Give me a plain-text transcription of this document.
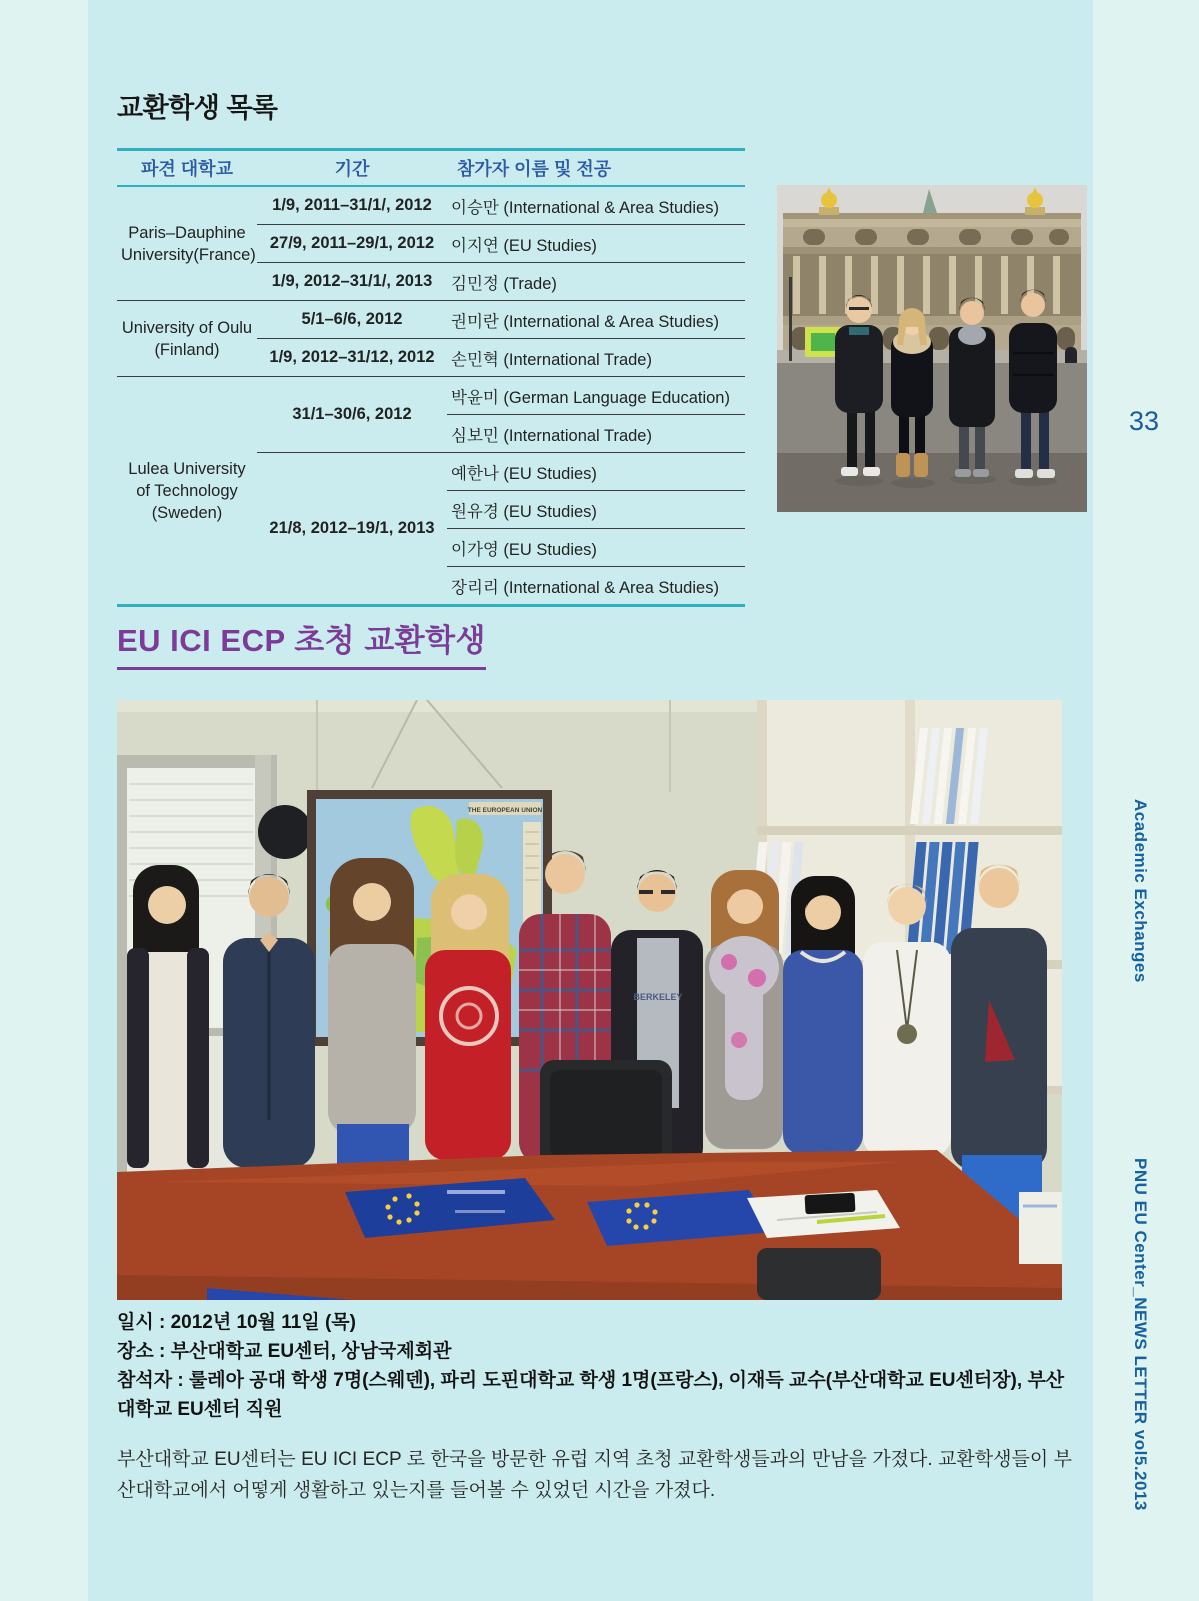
교환학생 목록
파견 대학교	기간	참가자 이름 및 전공
Paris–Dauphine University(France)	1/9, 2011–31/1/, 2012	이승만 (International & Area Studies)
	27/9, 2011–29/1, 2012	이지연 (EU Studies)
	1/9, 2012–31/1/, 2013	김민정 (Trade)
University of Oulu (Finland)	5/1–6/6, 2012	권미란 (International & Area Studies)
	1/9, 2012–31/12, 2012	손민혁 (International Trade)
Lulea University of Technology (Sweden)	31/1–30/6, 2012	박윤미 (German Language Education)
		심보민 (International Trade)
	21/8, 2012–19/1, 2013	예한나 (EU Studies)
		원유경 (EU Studies)
		이가영 (EU Studies)
		장리리 (International & Area Studies)
EU ICI ECP 초청 교환학생
THE EUROPEAN UNION
BERKELEY

일시 : 2012년 10월 11일 (목)

장소 : 부산대학교 EU센터, 상남국제회관

참석자 : 룰레아 공대 학생 7명(스웨덴), 파리 도핀대학교 학생 1명(프랑스), 이재득 교수(부산대학교 EU센터장), 부산대학교 EU센터 직원

부산대학교 EU센터는 EU ICI ECP 로 한국을 방문한 유럽 지역 초청 교환학생들과의 만남을 가졌다. 교환학생들이 부산대학교에서 어떻게 생활하고 있는지를 들어볼 수 있었던 시간을 가졌다.
33
Academic Exchanges
PNU EU Center_NEWS LETTER vol5.2013
